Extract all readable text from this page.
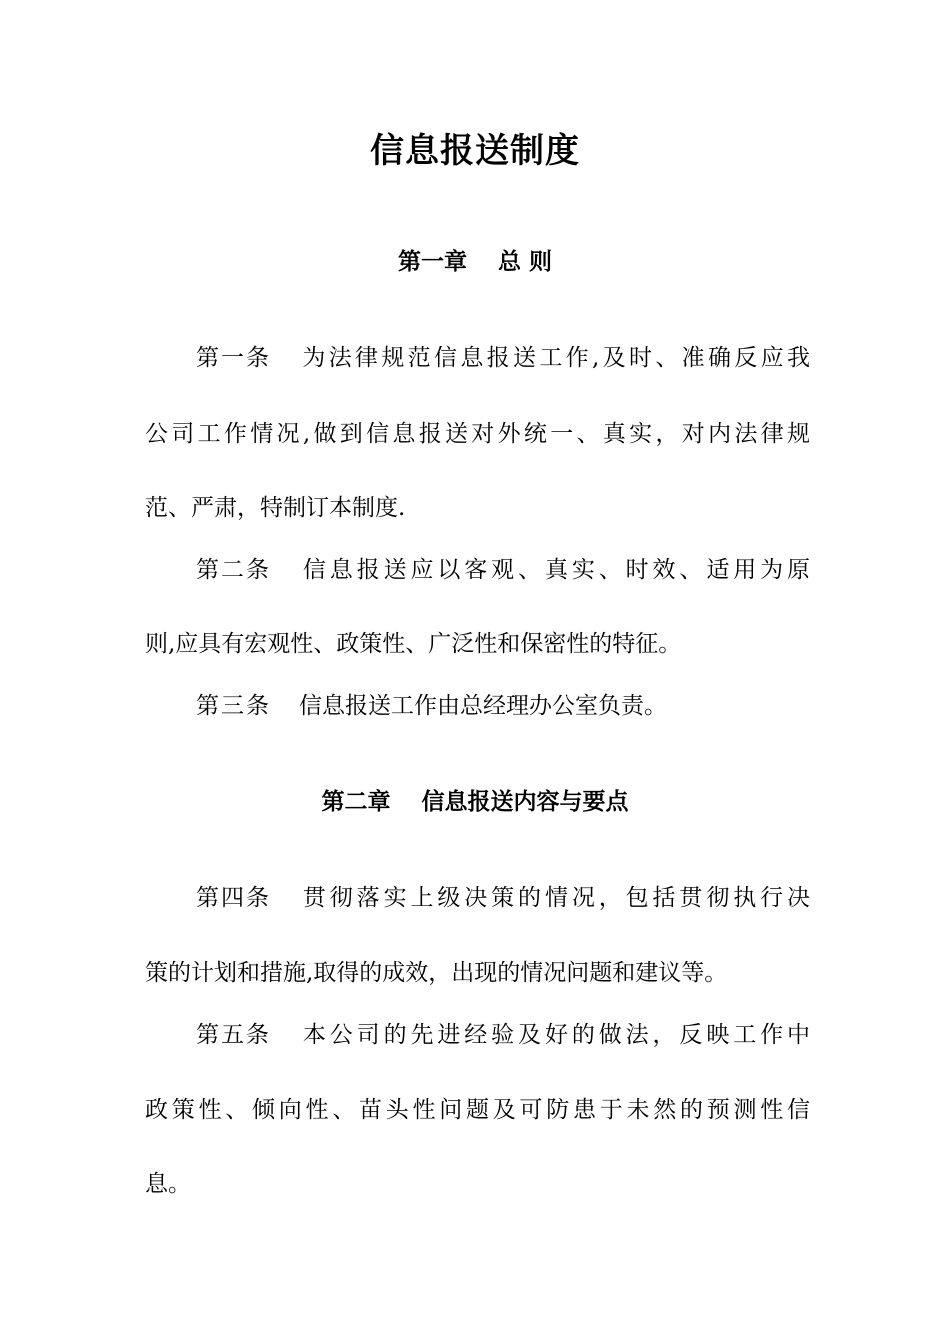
信息报送制度
第一章　 总 则
第一条 为法律规范信息报送工作,及时、准确反应我
公司工作情况,做到信息报送对外统一、真实，对内法律规
范、严肃，特制订本制度.
第二条 信息报送应以客观、真实、时效、适用为原
则,应具有宏观性、政策性、广泛性和保密性的特征。
第三条 信息报送工作由总经理办公室负责。
第二章　 信息报送内容与要点
第四条 贯彻落实上级决策的情况，包括贯彻执行决
策的计划和措施,取得的成效，出现的情况问题和建议等。
第五条 本公司的先进经验及好的做法，反映工作中
政策性、倾向性、苗头性问题及可防患于未然的预测性信
息。
